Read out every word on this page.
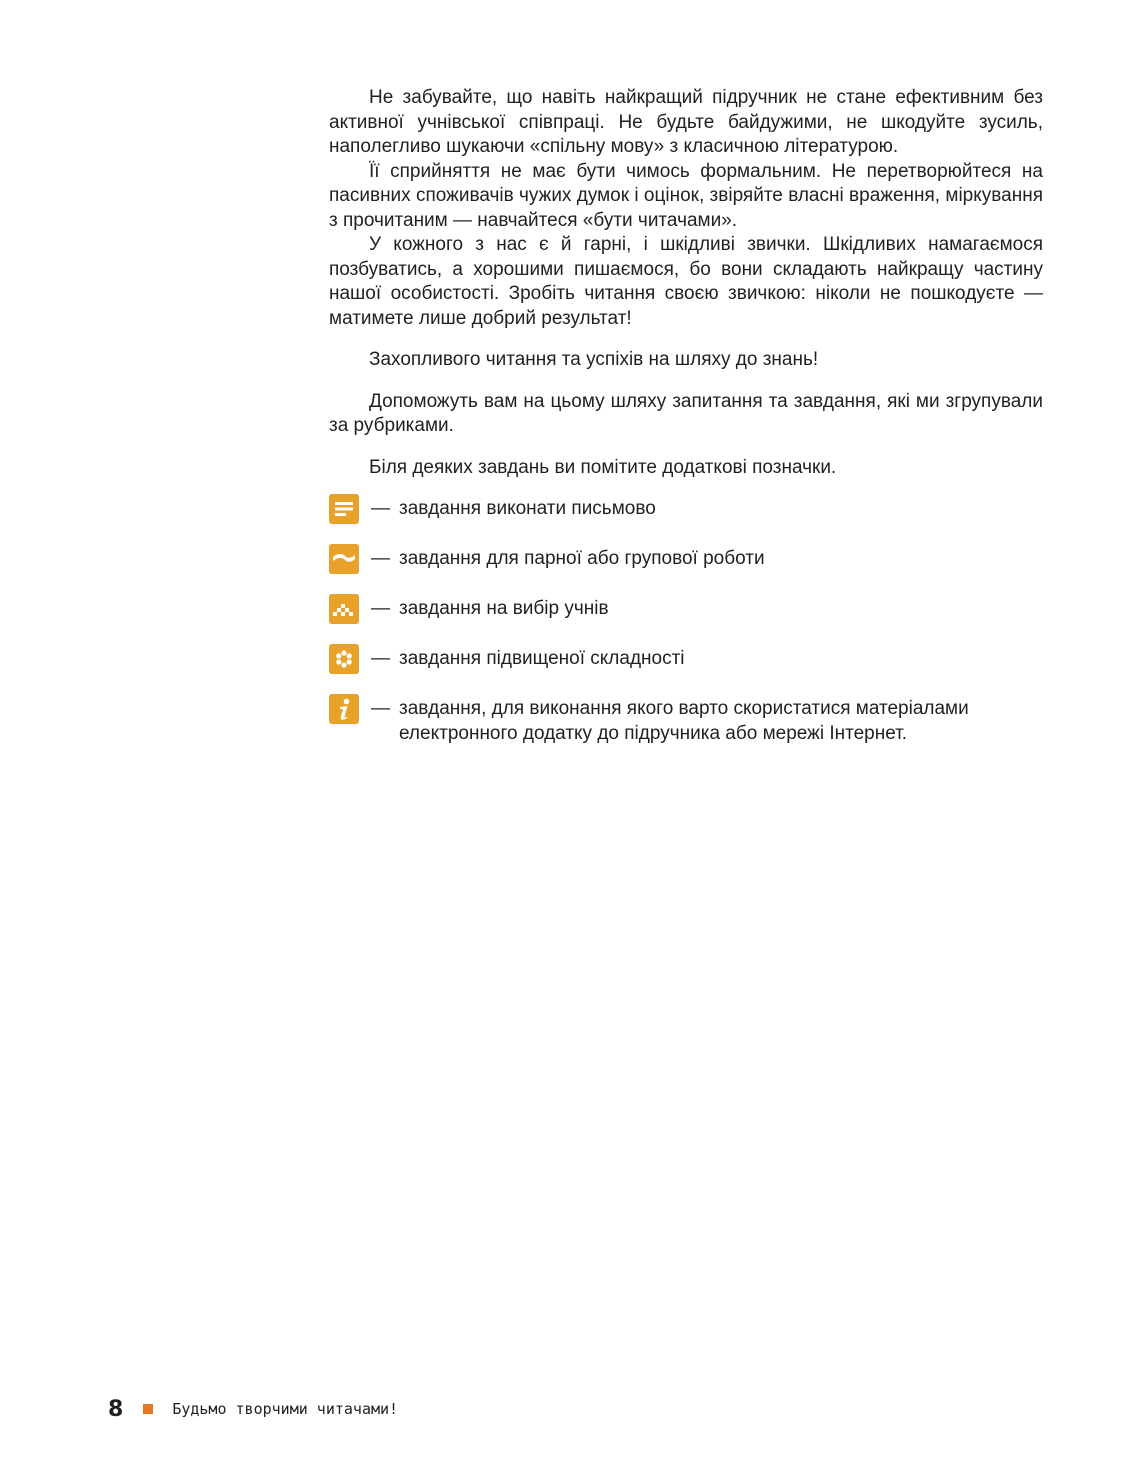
Не забувайте, що навіть найкращий підручник не стане ефективним без активної учнівської співпраці. Не будьте байдужими, не шкодуйте зусиль, наполегливо шукаючи «спільну мову» з класичною літературою.

Її сприйняття не має бути чимось формальним. Не перетворюйтеся на пасивних споживачів чужих думок і оцінок, звіряйте власні враження, міркування з прочитаним — навчайтеся «бути читачами».

У кожного з нас є й гарні, і шкідливі звички. Шкідливих намагаємося позбуватись, а хорошими пишаємося, бо вони складають найкращу частину нашої особистості. Зробіть читання своєю звичкою: ніколи не пошкодуєте — матимете лише добрий результат!

Захопливого читання та успіхів на шляху до знань!

Допоможуть вам на цьому шляху запитання та завдання, які ми згрупували за рубриками.

Біля деяких завдань ви помітите додаткові позначки.

— завдання виконати письмово
— завдання для парної або групової роботи
— завдання на вибір учнів
— завдання підвищеної складності
— завдання, для виконання якого варто скористатися матеріалами електронного додатку до підручника або мережі Інтернет.
8	Будьмо творчими читачами!
